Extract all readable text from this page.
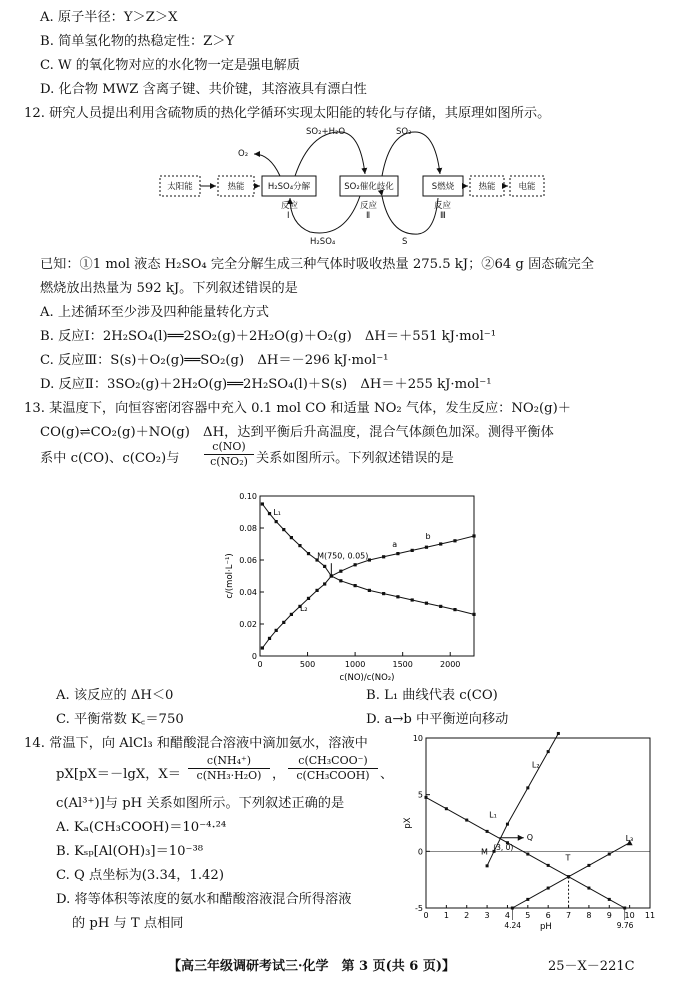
A. 原子半径：Y＞Z＞X
B. 简单氢化物的热稳定性：Z＞Y
C. W 的氧化物对应的水化物一定是强电解质
D. 化合物 MWZ 含离子键、共价键，其溶液具有漂白性
12. 研究人员提出利用含硫物质的热化学循环实现太阳能的转化与存储，其原理如图所示。
太阳能	热能	H₂SO₄分解	SO₂催化歧化	S燃烧	热能	电能
O₂
SO₂+H₂O
H₂SO₄
SO₂
S
反应
Ⅰ
反应
Ⅱ
反应
Ⅲ
已知：①1 mol 液态 H₂SO₄ 完全分解生成三种气体时吸收热量 275.5 kJ；②64 g 固态硫完全
燃烧放出热量为 592 kJ。下列叙述错误的是
A. 上述循环至少涉及四种能量转化方式
B. 反应Ⅰ：2H₂SO₄(l)══2SO₂(g)＋2H₂O(g)＋O₂(g)　ΔH＝＋551 kJ·mol⁻¹
C. 反应Ⅲ：S(s)＋O₂(g)══SO₂(g)　ΔH＝－296 kJ·mol⁻¹
D. 反应Ⅱ：3SO₂(g)＋2H₂O(g)══2H₂SO₄(l)＋S(s)　ΔH＝＋255 kJ·mol⁻¹
13. 某温度下，向恒容密闭容器中充入 0.1 mol CO 和适量 NO₂ 气体，发生反应：NO₂(g)＋
CO(g)⇌CO₂(g)＋NO(g)　ΔH，达到平衡后升高温度，混合气体颜色加深。测得平衡体
系中 c(CO)、c(CO₂)与
c(NO)
c(NO₂) 关系如图所示。下列叙述错误的是
0
0.02
0.04
0.06
0.08
0.10
0	500	1000	1500	2000
c(NO)/c(NO₂)
c/(mol·L⁻¹)
L₁
L₂
M(750, 0.05)
a
b
A. 该反应的 ΔH＜0	B. L₁ 曲线代表 c(CO)
C. 平衡常数 K꜀＝750	D. a→b 中平衡逆向移动
14. 常温下，向 AlCl₃ 和醋酸混合溶液中滴加氨水，溶液中
pX[pX＝－lgX，X＝
c(NH₄⁺)
c(NH₃·H₂O) ，
c(CH₃COO⁻)
c(CH₃COOH) 、
c(Al³⁺)]与 pH 关系如图所示。下列叙述正确的是
A. Kₐ(CH₃COOH)＝10⁻⁴·²⁴
B. Kₛₚ[Al(OH)₃]＝10⁻³⁸
C. Q 点坐标为(3.34，1.42)
D. 将等体积等浓度的氨水和醋酸溶液混合所得溶液
的 pH 与 T 点相同
-5
0
5
10
0 1 2 3 4 5 6 7 8 9 10 11
pH
pX
L₁
L₂
L₃
Q
M
(3, 0)
T
4.24	9.76
【高三年级调研考试三·化学　第 3 页(共 6 页)】	25－X－221C
